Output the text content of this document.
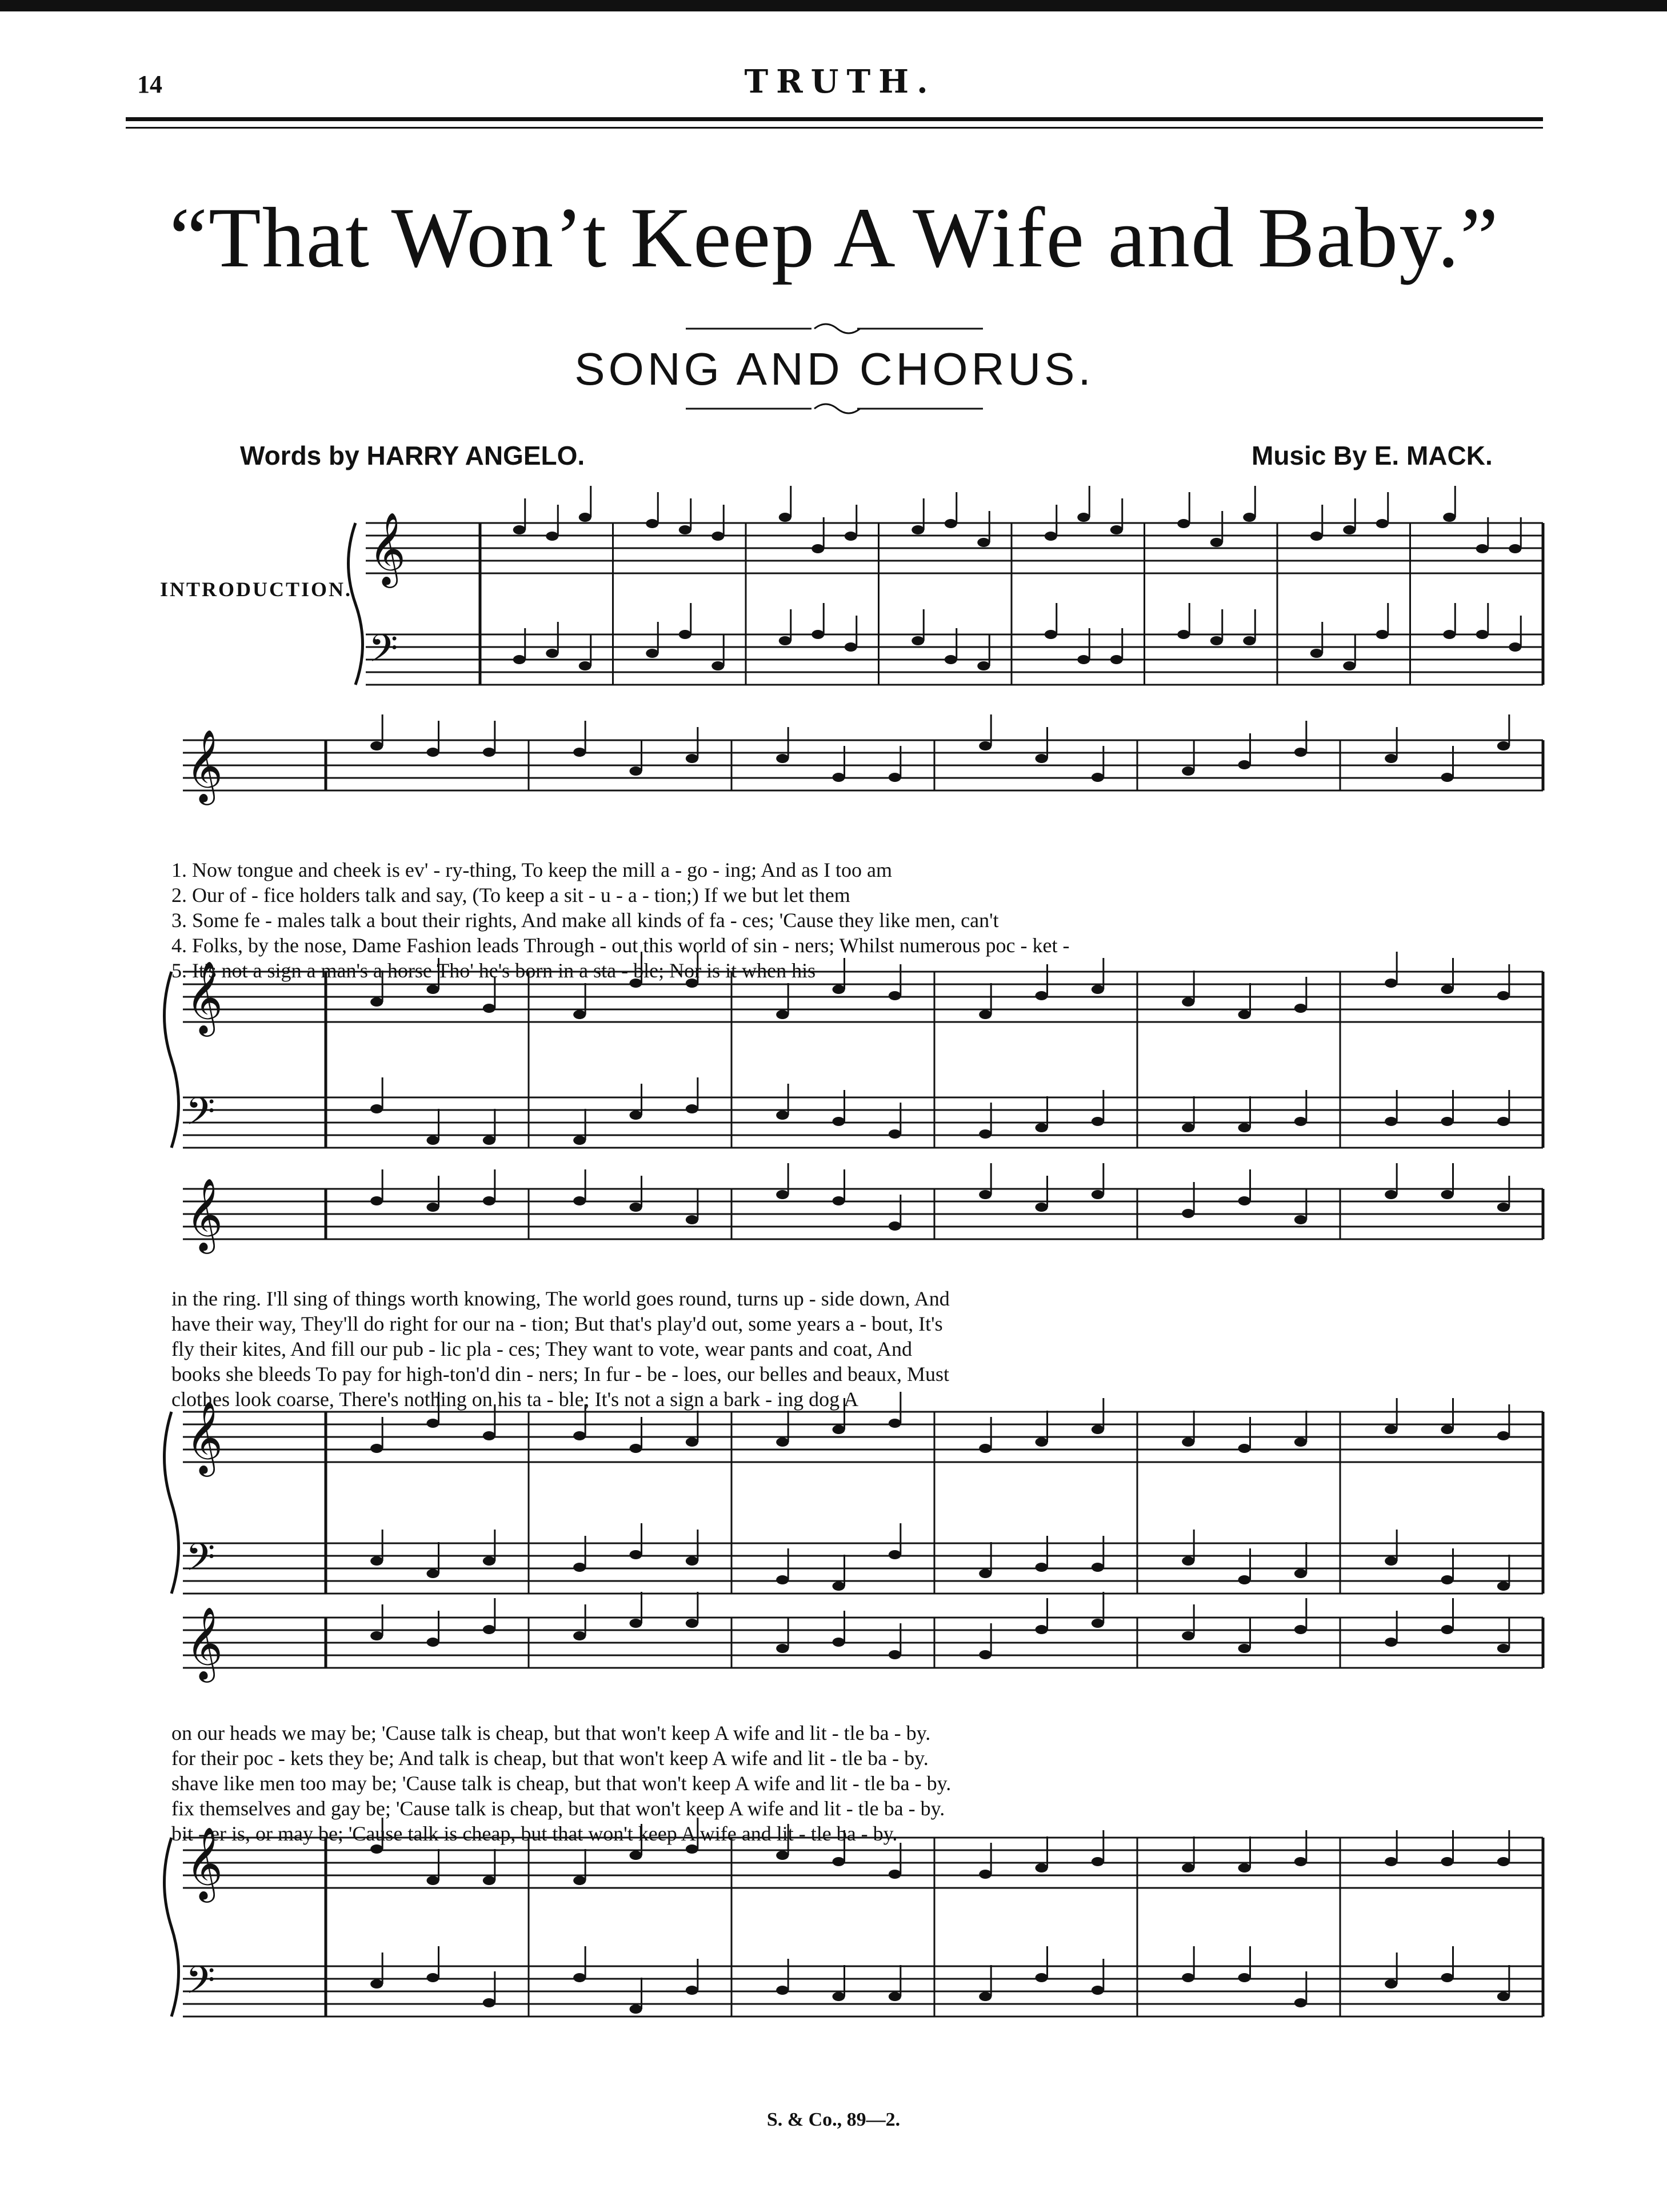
14	TRUTH.
“That Won’t Keep A Wife and Baby.”
SONG AND CHORUS.
Words by HARRY ANGELO.	Music By E. MACK.
INTRODUCTION.
𝄞
𝄢
𝄞
𝄞
𝄢
𝄞
𝄞
𝄢
𝄞
𝄞
𝄢
1. Now tongue and cheek is ev' - ry-thing, To keep the mill a - go - ing; And as I too am
2. Our of - fice holders talk and say, (To keep a sit - u - a - tion;) If we but let them
3. Some fe - males talk a bout their rights, And make all kinds of fa - ces; 'Cause they like men, can't
4. Folks, by the nose, Dame Fashion leads Through - out this world of sin - ners; Whilst numerous poc - ket -
5. It's not a sign a man's a horse Tho' he's born in a sta - ble; Nor is it when his
in the ring. I'll sing of things worth knowing, The world goes round, turns up - side down, And
have their way, They'll do right for our na - tion; But that's play'd out, some years a - bout, It's
fly their kites, And fill our pub - lic pla - ces; They want to vote, wear pants and coat, And
books she bleeds To pay for high-ton'd din - ners; In fur - be - loes, our belles and beaux, Must
clothes look coarse, There's nothing on his ta - ble; It's not a sign a bark - ing dog A
on our heads we may be; 'Cause talk is cheap, but that won't keep A wife and lit - tle ba - by.
for their poc - kets they be; And talk is cheap, but that won't keep A wife and lit - tle ba - by.
shave like men too may be; 'Cause talk is cheap, but that won't keep A wife and lit - tle ba - by.
fix themselves and gay be; 'Cause talk is cheap, but that won't keep A wife and lit - tle ba - by.
bit - er is, or may be; 'Cause talk is cheap, but that won't keep A wife and lit - tle ba - by.
S. & Co., 89—2.
